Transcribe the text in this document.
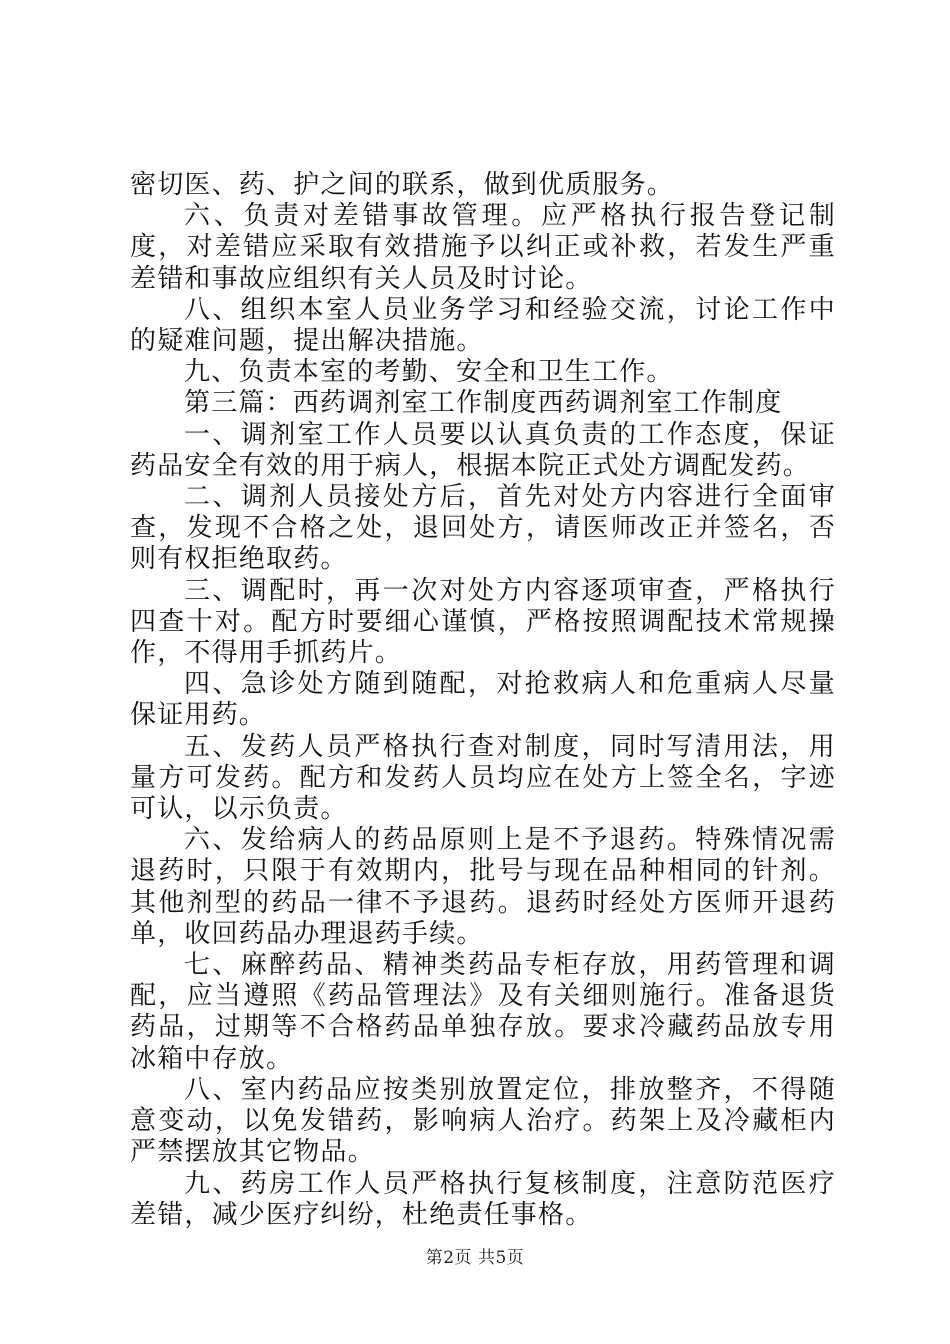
密切医、药、护之间的联系，做到优质服务。

六、负责对差错事故管理。应严格执行报告登记制度，对差错应采取有效措施予以纠正或补救，若发生严重差错和事故应组织有关人员及时讨论。

八、组织本室人员业务学习和经验交流，讨论工作中的疑难问题，提出解决措施。

九、负责本室的考勤、安全和卫生工作。

第三篇：西药调剂室工作制度西药调剂室工作制度

一、调剂室工作人员要以认真负责的工作态度，保证药品安全有效的用于病人，根据本院正式处方调配发药。

二、调剂人员接处方后，首先对处方内容进行全面审查，发现不合格之处，退回处方，请医师改正并签名，否则有权拒绝取药。

三、调配时，再一次对处方内容逐项审查，严格执行四查十对。配方时要细心谨慎，严格按照调配技术常规操作，不得用手抓药片。

四、急诊处方随到随配，对抢救病人和危重病人尽量保证用药。

五、发药人员严格执行查对制度，同时写清用法，用量方可发药。配方和发药人员均应在处方上签全名，字迹可认，以示负责。

六、发给病人的药品原则上是不予退药。特殊情况需退药时，只限于有效期内，批号与现在品种相同的针剂。其他剂型的药品一律不予退药。退药时经处方医师开退药单，收回药品办理退药手续。

七、麻醉药品、精神类药品专柜存放，用药管理和调配，应当遵照《药品管理法》及有关细则施行。准备退货药品，过期等不合格药品单独存放。要求冷藏药品放专用冰箱中存放。

八、室内药品应按类别放置定位，排放整齐，不得随意变动，以免发错药，影响病人治疗。药架上及冷藏柜内严禁摆放其它物品。

九、药房工作人员严格执行复核制度，注意防范医疗差错，减少医疗纠纷，杜绝责任事格。

第2页 共5页
